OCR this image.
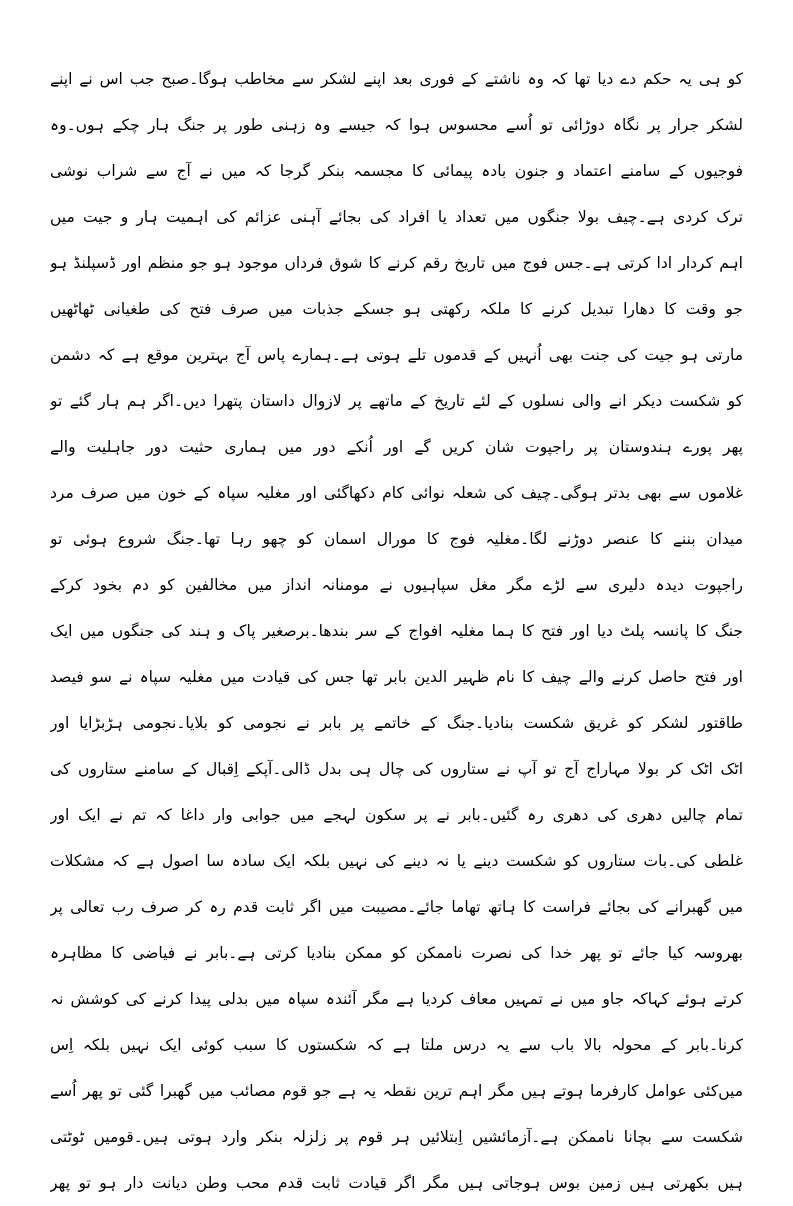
کو ہی یہ حکم دے دیا تھا کہ وہ ناشتے کے فوری بعد اپنے لشکر سے مخاطب ہوگا۔صبح جب اس نے اپنے
لشکر جرار پر نگاہ دوڑائی تو اُسے محسوس ہوا کہ جیسے وہ زہنی طور پر جنگ ہار چکے ہوں۔وہ
فوجیوں کے سامنے اعتماد و جنون بادہ پیمائی کا مجسمہ بنکر گرجا کہ میں نے آج سے شراب نوشی
ترک کردی ہے۔چیف بولا جنگوں میں تعداد یا افراد کی بجائے آہنی عزائم کی اہمیت ہار و جیت میں
اہم کردار ادا کرتی ہے۔جس فوج میں تاریخ رقم کرنے کا شوق فرداں موجود ہو جو منظم اور ڈسپلنڈ ہو
جو وقت کا دھارا تبدیل کرنے کا ملکہ رکھتی ہو جسکے جذبات میں صرف فتح کی طغیانی ٹھاٹھیں
مارتی ہو جیت کی جنت بھی اُنہیں کے قدموں تلے ہوتی ہے۔ہمارے پاس آج بہترین موقع ہے کہ دشمن
کو شکست دیکر انے والی نسلوں کے لئے تاریخ کے ماتھے پر لازوال داستان پتھرا دیں۔اگر ہم ہار گئے تو
پھر پورے ہندوستان پر راجپوت شان کریں گے اور اُنکے دور میں ہماری حثیت دور جاہلیت والے
غلاموں سے بھی بدتر ہوگی۔چیف کی شعلہ نوائی کام دکھاگئی اور مغلیہ سپاہ کے خون میں صرف مرد
میدان بننے کا عنصر دوڑنے لگا۔مغلیہ فوج کا مورال اسمان کو چھو رہا تھا۔جنگ شروع ہوئی تو
راجپوت دیدہ دلیری سے لڑے مگر مغل سپاہیوں نے مومنانہ انداز میں مخالفین کو دم بخود کرکے
جنگ کا پانسہ پلٹ دیا اور فتح کا ہما مغلیہ افواج کے سر بندھا۔برصغیر پاک و ہند کی جنگوں میں ایک
اور فتح حاصل کرنے والے چیف کا نام ظہیر الدین بابر تھا جس کی قیادت میں مغلیہ سپاہ نے سو فیصد
طاقتور لشکر کو غریق شکست بنادیا۔جنگ کے خاتمے پر بابر نے نجومی کو بلایا۔نجومی ہڑبڑایا اور
اٹک اٹک کر بولا مہاراج آج تو آپ نے ستاروں کی چال ہی بدل ڈالی۔آپکے اِقبال کے سامنے ستاروں کی
تمام چالیں دھری کی دھری رہ گئیں۔بابر نے پر سکون لہجے میں جوابی وار داغا کہ تم نے ایک اور
غلطی کی۔بات ستاروں کو شکست دینے یا نہ دینے کی نہیں بلکہ ایک سادہ سا اصول ہے کہ مشکلات
میں گھبرانے کی بجائے فراست کا ہاتھ تھاما جائے۔مصیبت میں اگر ثابت قدم رہ کر صرف رب تعالی پر
بھروسہ کیا جائے تو پھر خدا کی نصرت ناممکن کو ممکن بنادیا کرتی ہے۔بابر نے فیاضی کا مظاہرہ
کرتے ہوئے کہاکہ جاو میں نے تمہیں معاف کردیا ہے مگر آئندہ سپاہ میں بدلی پیدا کرنے کی کوشش نہ
کرنا۔بابر کے محولہ بالا باب سے یہ درس ملتا ہے کہ شکستوں کا سبب کوئی ایک نہیں بلکہ اِس
میں‌کئی عوامل کارفرما ہوتے ہیں مگر اہم ترین نقطہ یہ ہے جو قوم مصائب میں گھبرا گئی تو پھر اُسے
شکست سے بچانا ناممکن ہے۔آزمائشیں اِبتلائیں ہر قوم پر زلزلہ بنکر وارد ہوتی ہیں۔قومیں ٹوٹتی
ہیں بکھرتی ہیں زمین بوس ہوجاتی ہیں مگر اگر قیادت ثابت قدم محب وطن دیانت دار ہو تو پھر
